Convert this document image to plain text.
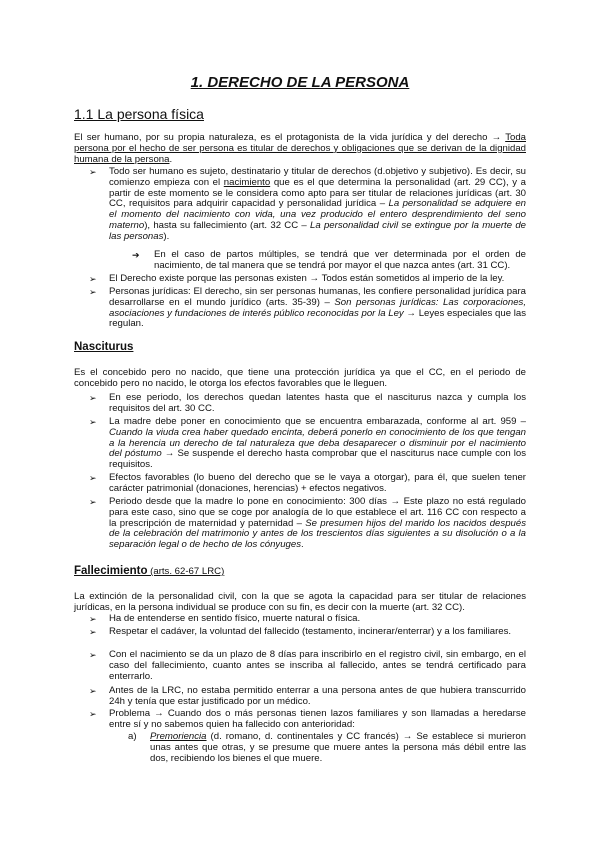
1. DERECHO DE LA PERSONA
1.1 La persona física
El ser humano, por su propia naturaleza, es el protagonista de la vida jurídica y del derecho → Toda persona por el hecho de ser persona es titular de derechos y obligaciones que se derivan de la dignidad humana de la persona.
➢ Todo ser humano es sujeto, destinatario y titular de derechos (d.objetivo y subjetivo). Es decir, su comienzo empieza con el nacimiento que es el que determina la personalidad (art. 29 CC), y a partir de este momento se le considera como apto para ser titular de relaciones jurídicas (art. 30 CC, requisitos para adquirir capacidad y personalidad jurídica – La personalidad se adquiere en el momento del nacimiento con vida, una vez producido el entero desprendimiento del seno materno), hasta su fallecimiento (art. 32 CC – La personalidad civil se extingue por la muerte de las personas).
➔ En el caso de partos múltiples, se tendrá que ver determinada por el orden de nacimiento, de tal manera que se tendrá por mayor el que nazca antes (art. 31 CC).
➢ El Derecho existe porque las personas existen → Todos están sometidos al imperio de la ley.
➢ Personas jurídicas: El derecho, sin ser personas humanas, les confiere personalidad jurídica para desarrollarse en el mundo jurídico (arts. 35-39) – Son personas jurídicas: Las corporaciones, asociaciones y fundaciones de interés público reconocidas por la Ley → Leyes especiales que las regulan.
Nasciturus
Es el concebido pero no nacido, que tiene una protección jurídica ya que el CC, en el periodo de concebido pero no nacido, le otorga los efectos favorables que le lleguen.
➢ En ese periodo, los derechos quedan latentes hasta que el nasciturus nazca y cumpla los requisitos del art. 30 CC.
➢ La madre debe poner en conocimiento que se encuentra embarazada, conforme al art. 959 – Cuando la viuda crea haber quedado encinta, deberá ponerlo en conocimiento de los que tengan a la herencia un derecho de tal naturaleza que deba desaparecer o disminuir por el nacimiento del póstumo → Se suspende el derecho hasta comprobar que el nasciturus nace cumple con los requisitos.
➢ Efectos favorables (lo bueno del derecho que se le vaya a otorgar), para él, que suelen tener carácter patrimonial (donaciones, herencias) + efectos negativos.
➢ Periodo desde que la madre lo pone en conocimiento: 300 días → Este plazo no está regulado para este caso, sino que se coge por analogía de lo que establece el art. 116 CC con respecto a la prescripción de maternidad y paternidad – Se presumen hijos del marido los nacidos después de la celebración del matrimonio y antes de los trescientos días siguientes a su disolución o a la separación legal o de hecho de los cónyuges.
Fallecimiento (arts. 62-67 LRC)
La extinción de la personalidad civil, con la que se agota la capacidad para ser titular de relaciones jurídicas, en la persona individual se produce con su fin, es decir con la muerte (art. 32 CC).
➢ Ha de entenderse en sentido físico, muerte natural o física.
➢ Respetar el cadáver, la voluntad del fallecido (testamento, incinerar/enterrar) y a los familiares.
➢ Con el nacimiento se da un plazo de 8 días para inscribirlo en el registro civil, sin embargo, en el caso del fallecimiento, cuanto antes se inscriba al fallecido, antes se tendrá certificado para enterrarlo.
➢ Antes de la LRC, no estaba permitido enterrar a una persona antes de que hubiera transcurrido 24h y tenía que estar justificado por un médico.
➢ Problema → Cuando dos o más personas tienen lazos familiares y son llamadas a heredarse entre sí y no sabemos quien ha fallecido con anterioridad:
a) Premoriencia (d. romano, d. continentales y CC francés) → Se establece si murieron unas antes que otras, y se presume que muere antes la persona más débil entre las dos, recibiendo los bienes el que muere.
